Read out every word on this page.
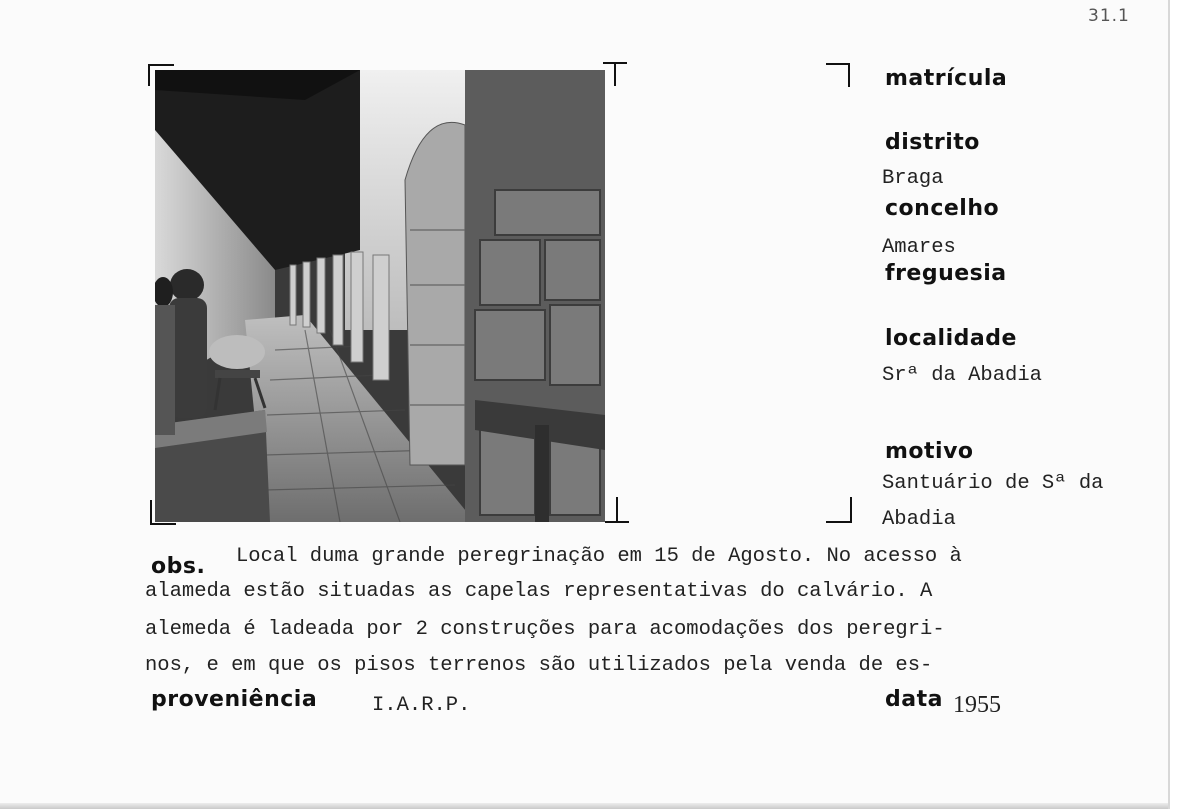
31.1
matrícula
distrito
Braga
concelho
Amares
freguesia
localidade
Srª da Abadia
motivo
Santuário de Sª da
Abadia
obs. Local duma grande peregrinação em 15 de Agosto. No acesso à
alameda estão situadas as capelas representativas do calvário. A
alemeda é ladeada por 2 construções para acomodações dos peregri-
nos, e em que os pisos terrenos são utilizados pela venda de es-
proveniência	I.A.R.P.	data 1955
